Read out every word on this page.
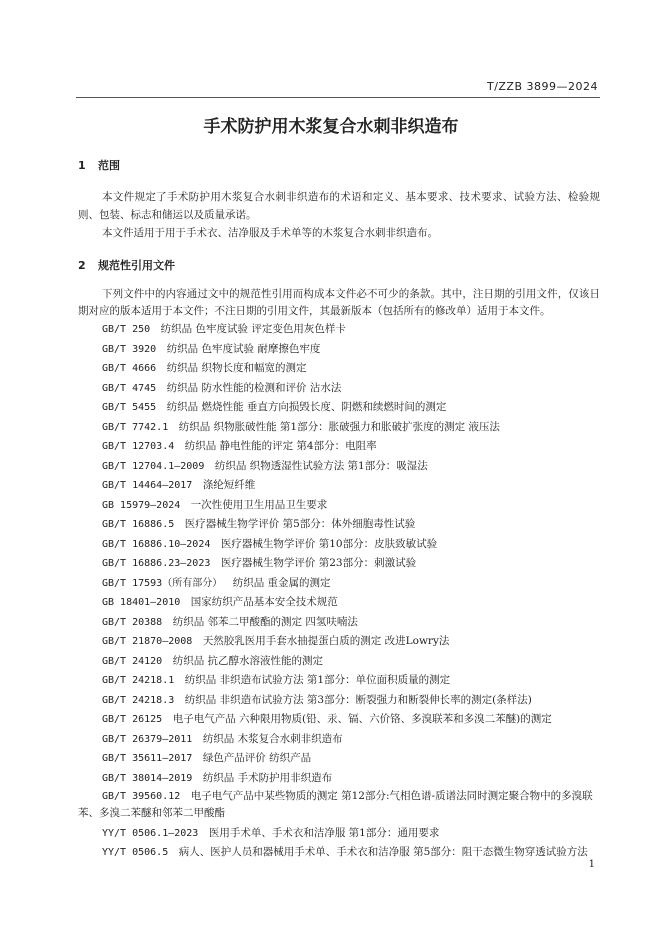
T/ZZB 3899—2024
手术防护用木浆复合水刺非织造布
1 范围

本文件规定了手术防护用木浆复合水刺非织造布的术语和定义、基本要求、技术要求、试验方法、检验规则、包装、标志和储运以及质量承诺。

本文件适用于用于手术衣、洁净服及手术单等的木浆复合水刺非织造布。

2 规范性引用文件

下列文件中的内容通过文中的规范性引用而构成本文件必不可少的条款。其中，注日期的引用文件，仅该日期对应的版本适用于本文件；不注日期的引用文件，其最新版本（包括所有的修改单）适用于本文件。

GB/T 250  纺织品 色牢度试验 评定变色用灰色样卡

GB/T 3920  纺织品 色牢度试验 耐摩擦色牢度

GB/T 4666  纺织品 织物长度和幅宽的测定

GB/T 4745  纺织品 防水性能的检测和评价 沾水法

GB/T 5455  纺织品 燃烧性能 垂直方向损毁长度、阴燃和续燃时间的测定

GB/T 7742.1  纺织品 织物胀破性能 第1部分：胀破强力和胀破扩张度的测定 液压法

GB/T 12703.4  纺织品 静电性能的评定 第4部分：电阻率

GB/T 12704.1—2009  纺织品 织物透湿性试验方法 第1部分：吸湿法

GB/T 14464—2017  涤纶短纤维

GB 15979—2024  一次性使用卫生用品卫生要求

GB/T 16886.5  医疗器械生物学评价 第5部分：体外细胞毒性试验

GB/T 16886.10—2024  医疗器械生物学评价 第10部分：皮肤致敏试验

GB/T 16886.23—2023  医疗器械生物学评价 第23部分：刺激试验

GB/T 17593（所有部分）  纺织品 重金属的测定

GB 18401—2010  国家纺织产品基本安全技术规范

GB/T 20388  纺织品 邻苯二甲酸酯的测定 四氢呋喃法

GB/T 21870—2008  天然胶乳医用手套水抽提蛋白质的测定 改进Lowry法

GB/T 24120  纺织品 抗乙醇水溶液性能的测定

GB/T 24218.1  纺织品 非织造布试验方法 第1部分：单位面积质量的测定

GB/T 24218.3  纺织品 非织造布试验方法 第3部分：断裂强力和断裂伸长率的测定(条样法)

GB/T 26125  电子电气产品 六种限用物质(铅、汞、镉、六价铬、多溴联苯和多溴二苯醚)的测定

GB/T 26379—2011  纺织品 木浆复合水刺非织造布

GB/T 35611—2017  绿色产品评价 纺织产品

GB/T 38014—2019  纺织品 手术防护用非织造布

GB/T 39560.12  电子电气产品中某些物质的测定 第12部分:气相色谱-质谱法同时测定聚合物中的多溴联苯、多溴二苯醚和邻苯二甲酸酯

YY/T 0506.1—2023  医用手术单、手术衣和洁净服 第1部分：通用要求

YY/T 0506.5  病人、医护人员和器械用手术单、手术衣和洁净服 第5部分：阻干态微生物穿透试验方法

1
